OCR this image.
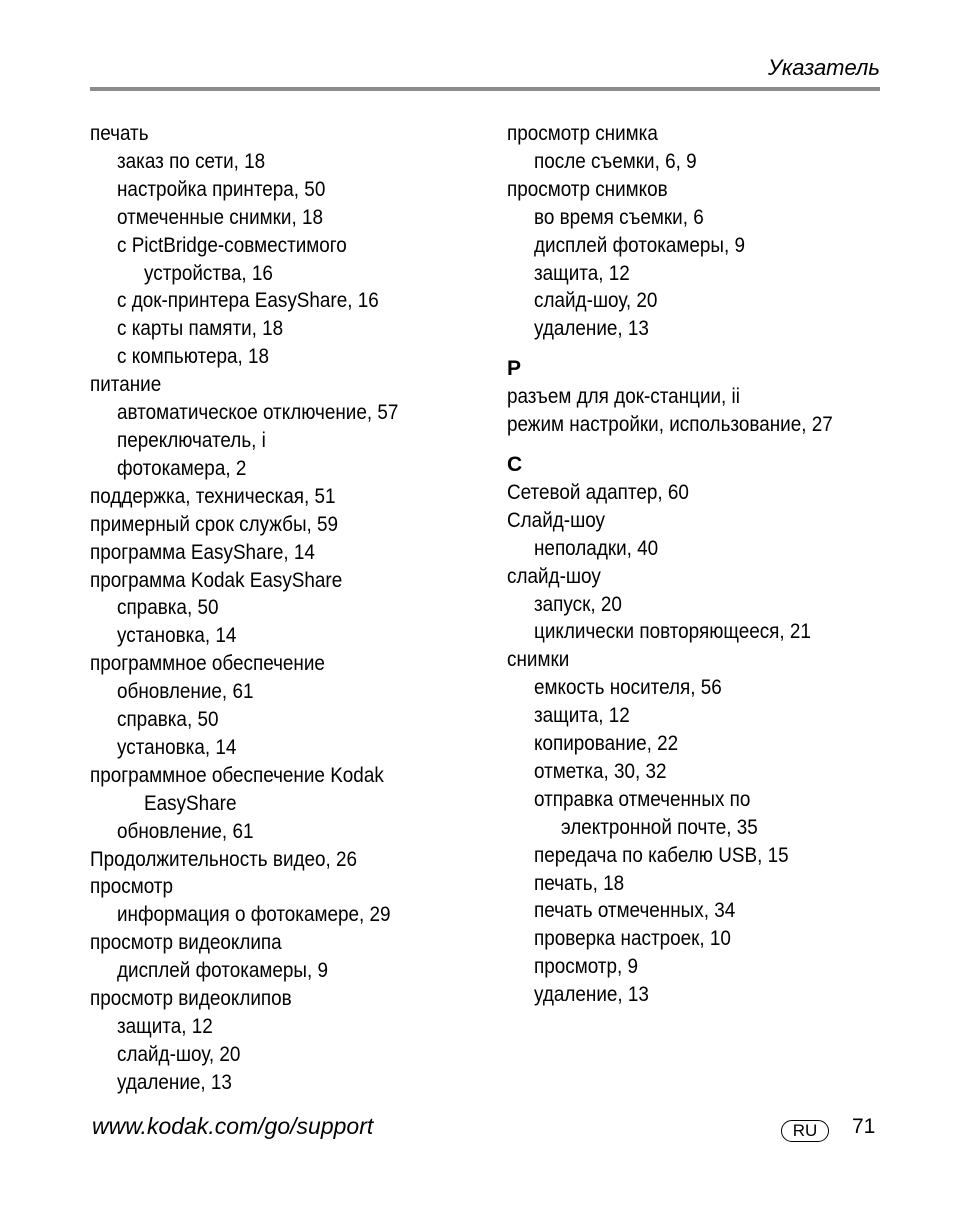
Указатель
печать
заказ по сети, 18
настройка принтера, 50
отмеченные снимки, 18
с PictBridge-совместимого
устройства, 16
с док-принтера EasyShare, 16
с карты памяти, 18
с компьютера, 18
питание
автоматическое отключение, 57
переключатель, i
фотокамера, 2
поддержка, техническая, 51
примерный срок службы, 59
программа EasyShare, 14
программа Kodak EasyShare
справка, 50
установка, 14
программное обеспечение
обновление, 61
справка, 50
установка, 14
программное обеспечение Kodak
EasyShare
обновление, 61
Продолжительность видео, 26
просмотр
информация о фотокамере, 29
просмотр видеоклипа
дисплей фотокамеры, 9
просмотр видеоклипов
защита, 12
слайд-шоу, 20
удаление, 13
просмотр снимка
после съемки, 6, 9
просмотр снимков
во время съемки, 6
дисплей фотокамеры, 9
защита, 12
слайд-шоу, 20
удаление, 13
Р
разъем для док-станции, ii
режим настройки, использование, 27
С
Сетевой адаптер, 60
Слайд-шоу
неполадки, 40
слайд-шоу
запуск, 20
циклически повторяющееся, 21
снимки
емкость носителя, 56
защита, 12
копирование, 22
отметка, 30, 32
отправка отмеченных по
электронной почте, 35
передача по кабелю USB, 15
печать, 18
печать отмеченных, 34
проверка настроек, 10
просмотр, 9
удаление, 13
www.kodak.com/go/support	RU	71
